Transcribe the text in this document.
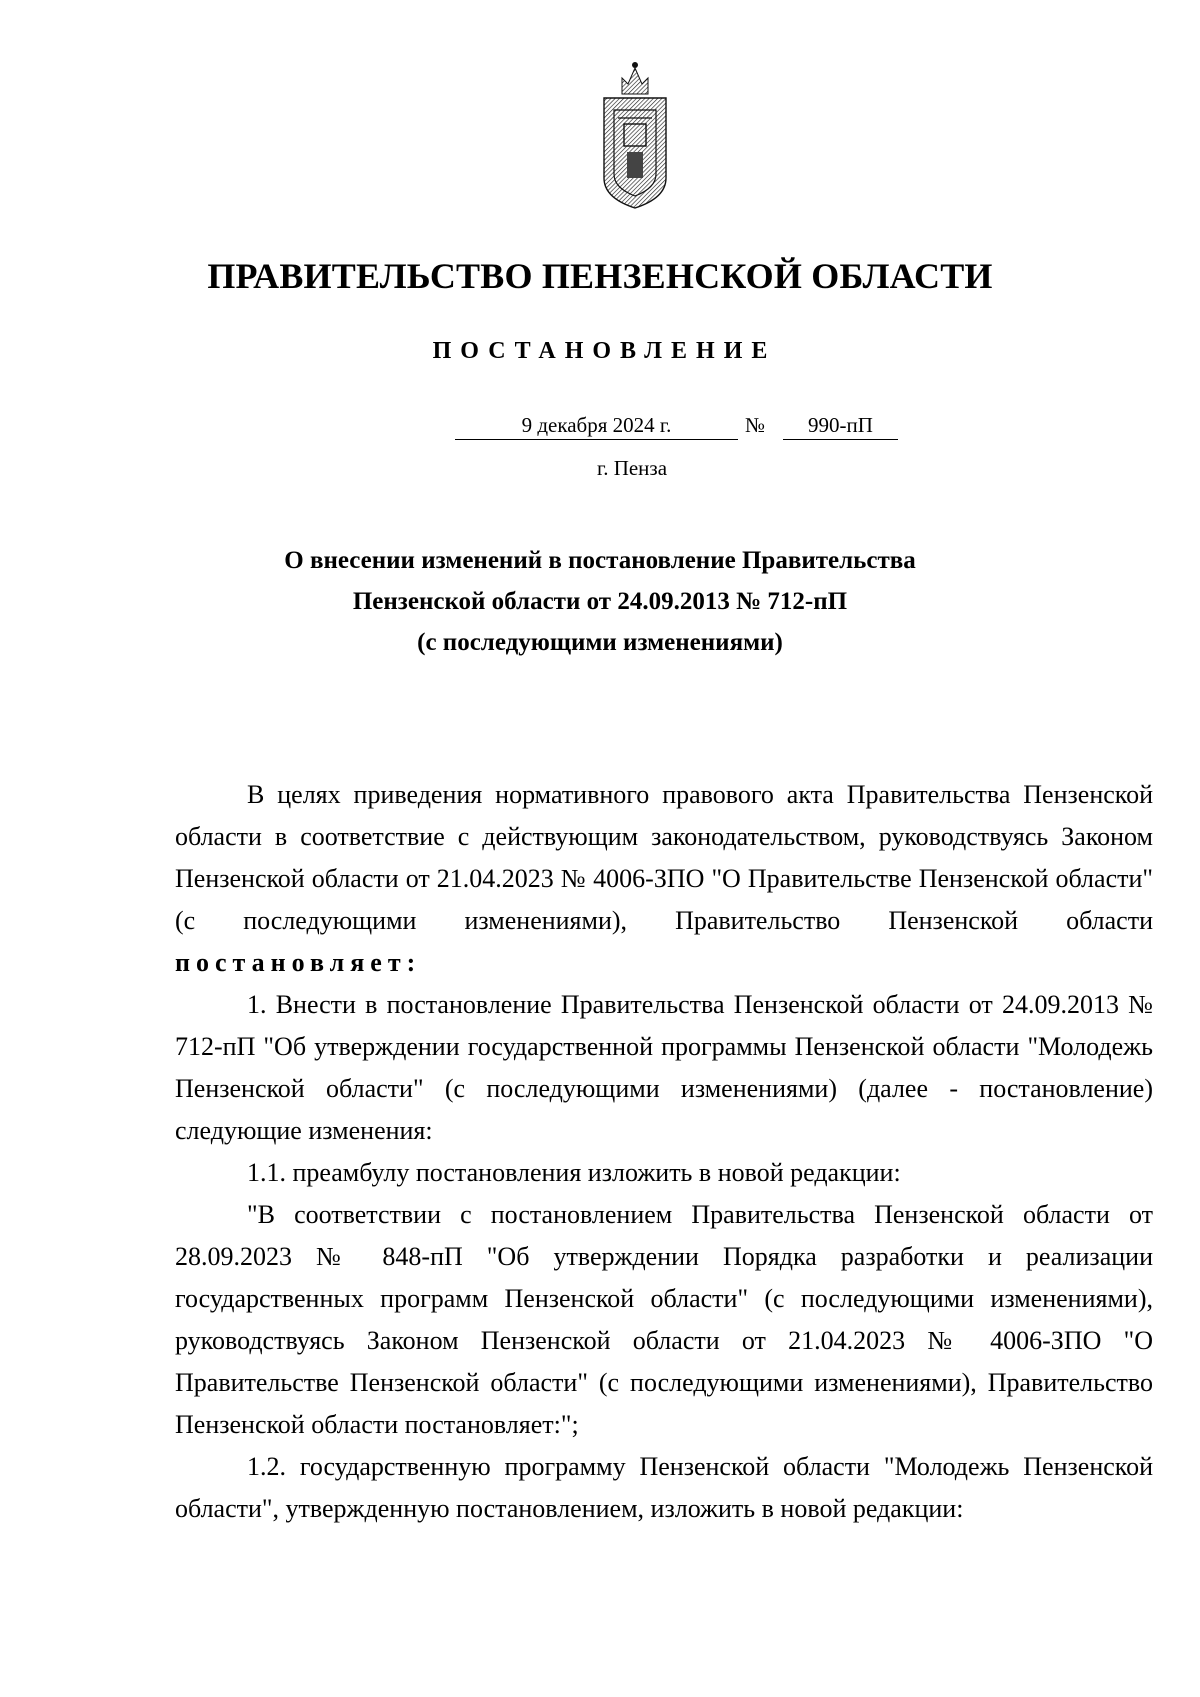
ПРАВИТЕЛЬСТВО ПЕНЗЕНСКОЙ ОБЛАСТИ
ПОСТАНОВЛЕНИЕ
9 декабря 2024 г.	№	990-пП
г. Пенза
О внесении изменений в постановление Правительства
Пензенской области от 24.09.2013 № 712-пП
(с последующими изменениями)

В целях приведения нормативного правового акта Правительства Пензенской области в соответствие с действующим законодательством, руководствуясь Законом Пензенской области от 21.04.2023 № 4006-ЗПО "О Правительстве Пензенской области" (с последующими изменениями), Правительство Пензенской области постановляет:

1. Внести в постановление Правительства Пензенской области от 24.09.2013 № 712-пП "Об утверждении государственной программы Пензенской области "Молодежь Пензенской области" (с последующими изменениями) (далее - постановление) следующие изменения:

1.1. преамбулу постановления изложить в новой редакции:

"В соответствии с постановлением Правительства Пензенской области от 28.09.2023 № 848-пП "Об утверждении Порядка разработки и реализации государственных программ Пензенской области" (с последующими изменениями), руководствуясь Законом Пензенской области от 21.04.2023 № 4006-ЗПО "О Правительстве Пензенской области" (с последующими изменениями), Правительство Пензенской области постановляет:";

1.2. государственную программу Пензенской области "Молодежь Пензенской области", утвержденную постановлением, изложить в новой редакции:
